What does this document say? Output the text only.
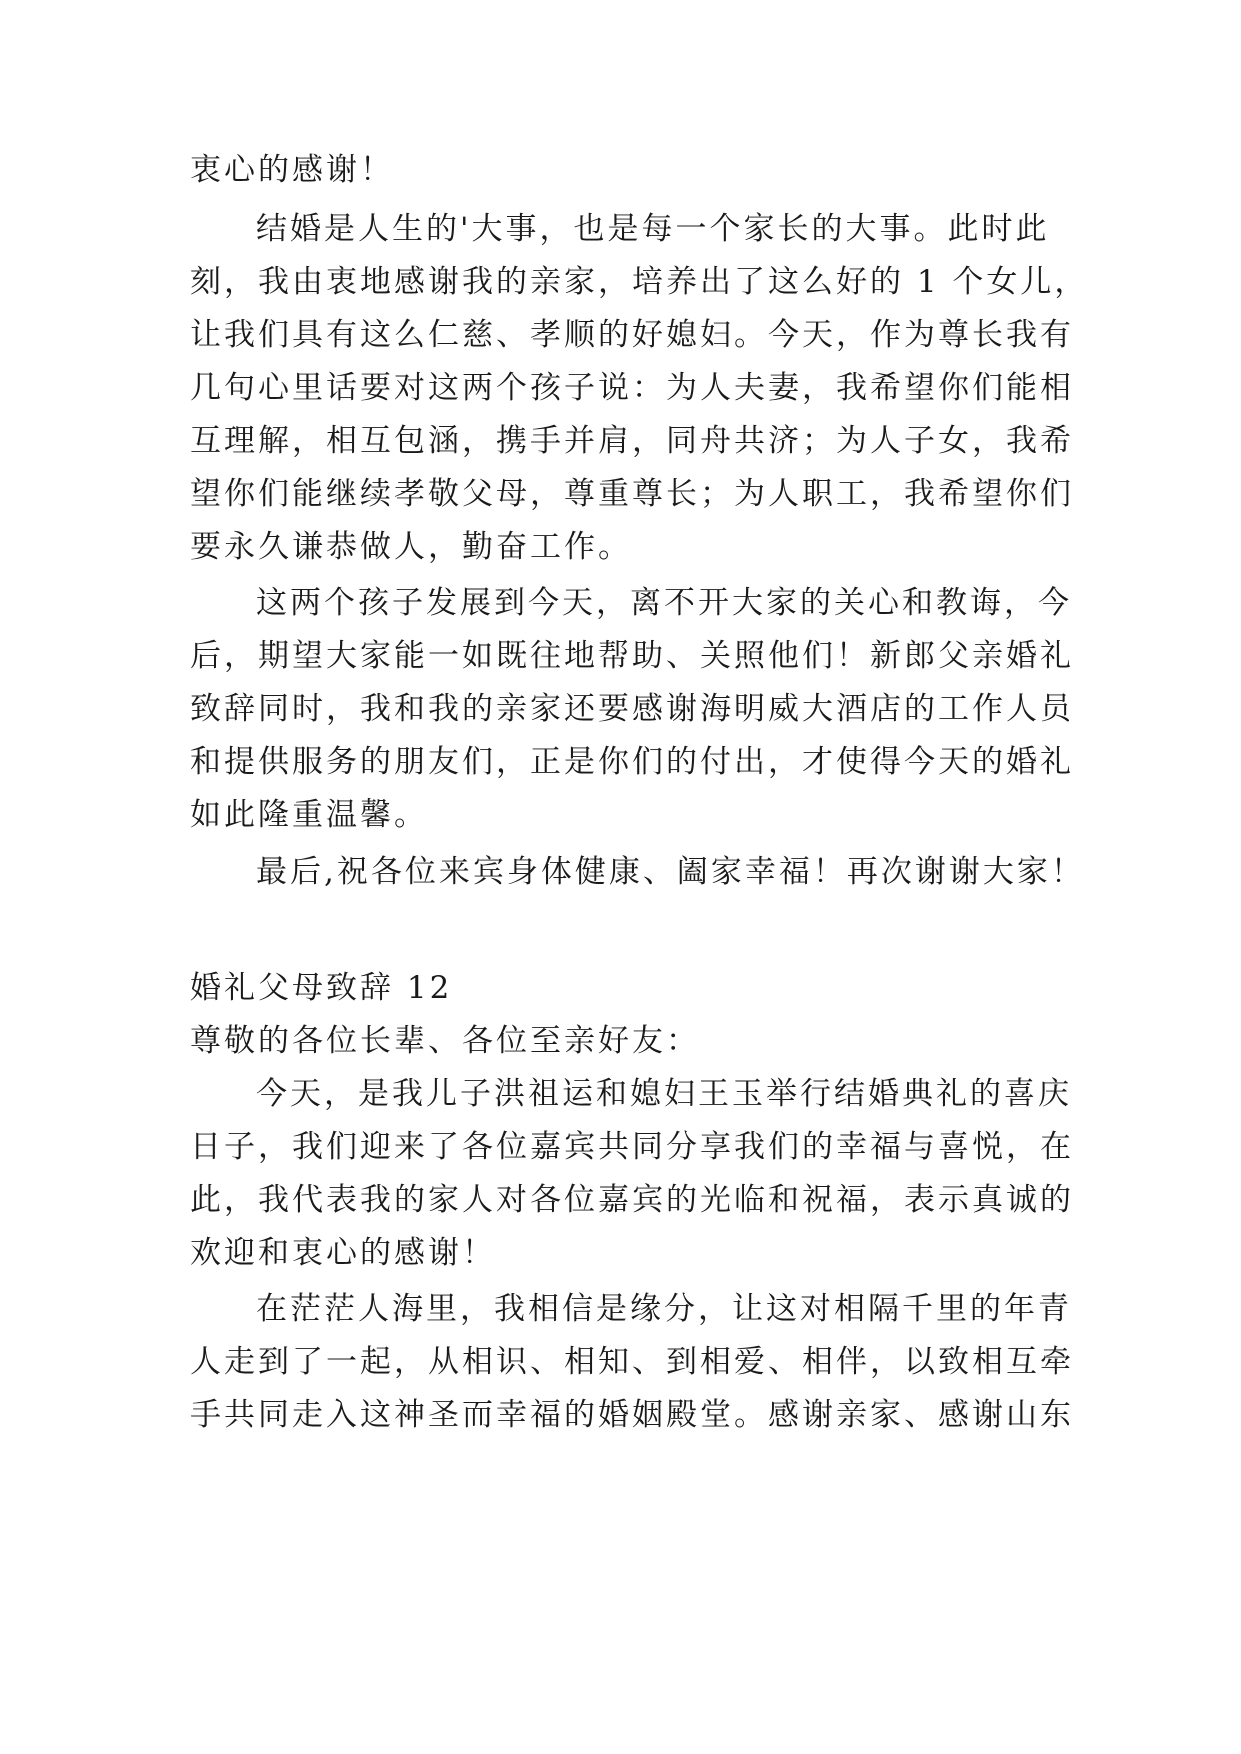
衷心的感谢！

结婚是人生的'大事，也是每一个家长的大事。此时此

刻，我由衷地感谢我的亲家，培养出了这么好的 1 个女儿，

让我们具有这么仁慈、孝顺的好媳妇。今天，作为尊长我有

几句心里话要对这两个孩子说：为人夫妻，我希望你们能相

互理解，相互包涵，携手并肩，同舟共济；为人子女，我希

望你们能继续孝敬父母，尊重尊长；为人职工，我希望你们

要永久谦恭做人，勤奋工作。

这两个孩子发展到今天，离不开大家的关心和教诲，今

后，期望大家能一如既往地帮助、关照他们！新郎父亲婚礼

致辞同时，我和我的亲家还要感谢海明威大酒店的工作人员

和提供服务的朋友们，正是你们的付出，才使得今天的婚礼

如此隆重温馨。

最后,祝各位来宾身体健康、阖家幸福！再次谢谢大家！

婚礼父母致辞 12

尊敬的各位长辈、各位至亲好友：

今天，是我儿子洪祖运和媳妇王玉举行结婚典礼的喜庆

日子，我们迎来了各位嘉宾共同分享我们的幸福与喜悦，在

此，我代表我的家人对各位嘉宾的光临和祝福，表示真诚的

欢迎和衷心的感谢！

在茫茫人海里，我相信是缘分，让这对相隔千里的年青

人走到了一起，从相识、相知、到相爱、相伴，以致相互牵

手共同走入这神圣而幸福的婚姻殿堂。感谢亲家、感谢山东
